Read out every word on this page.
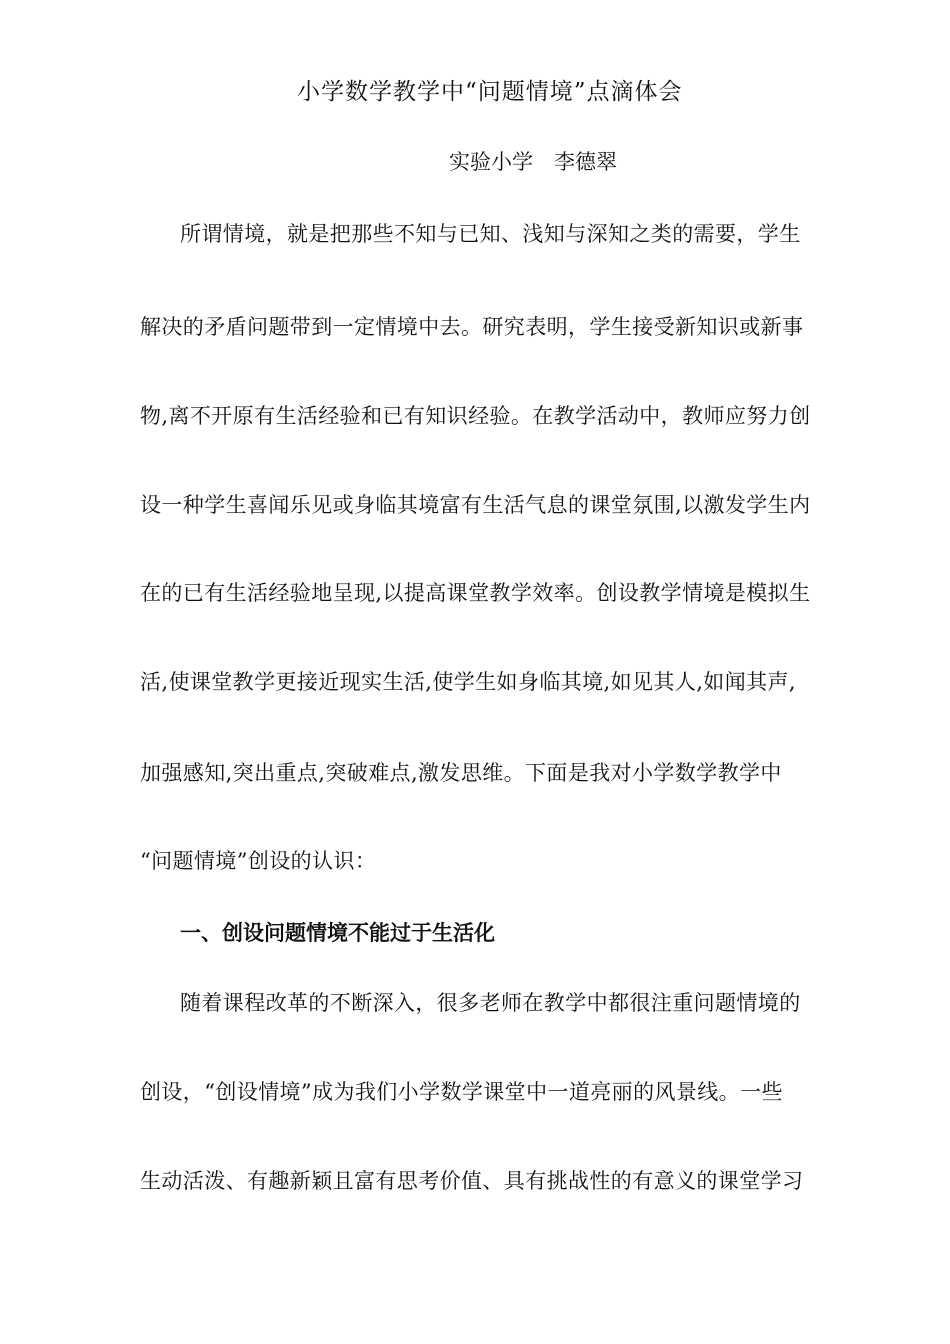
小学数学教学中“问题情境”点滴体会
实验小学　李德翠
所谓情境，就是把那些不知与已知、浅知与深知之类的需要，学生
解决的矛盾问题带到一定情境中去。研究表明，学生接受新知识或新事
物,离不开原有生活经验和已有知识经验。在教学活动中，教师应努力创
设一种学生喜闻乐见或身临其境富有生活气息的课堂氛围,以激发学生内
在的已有生活经验地呈现,以提高课堂教学效率。创设教学情境是模拟生
活,使课堂教学更接近现实生活,使学生如身临其境,如见其人,如闻其声,
加强感知,突出重点,突破难点,激发思维。下面是我对小学数学教学中
“问题情境”创设的认识：
一、创设问题情境不能过于生活化
随着课程改革的不断深入，很多老师在教学中都很注重问题情境的
创设，“创设情境”成为我们小学数学课堂中一道亮丽的风景线。一些
生动活泼、有趣新颖且富有思考价值、具有挑战性的有意义的课堂学习
